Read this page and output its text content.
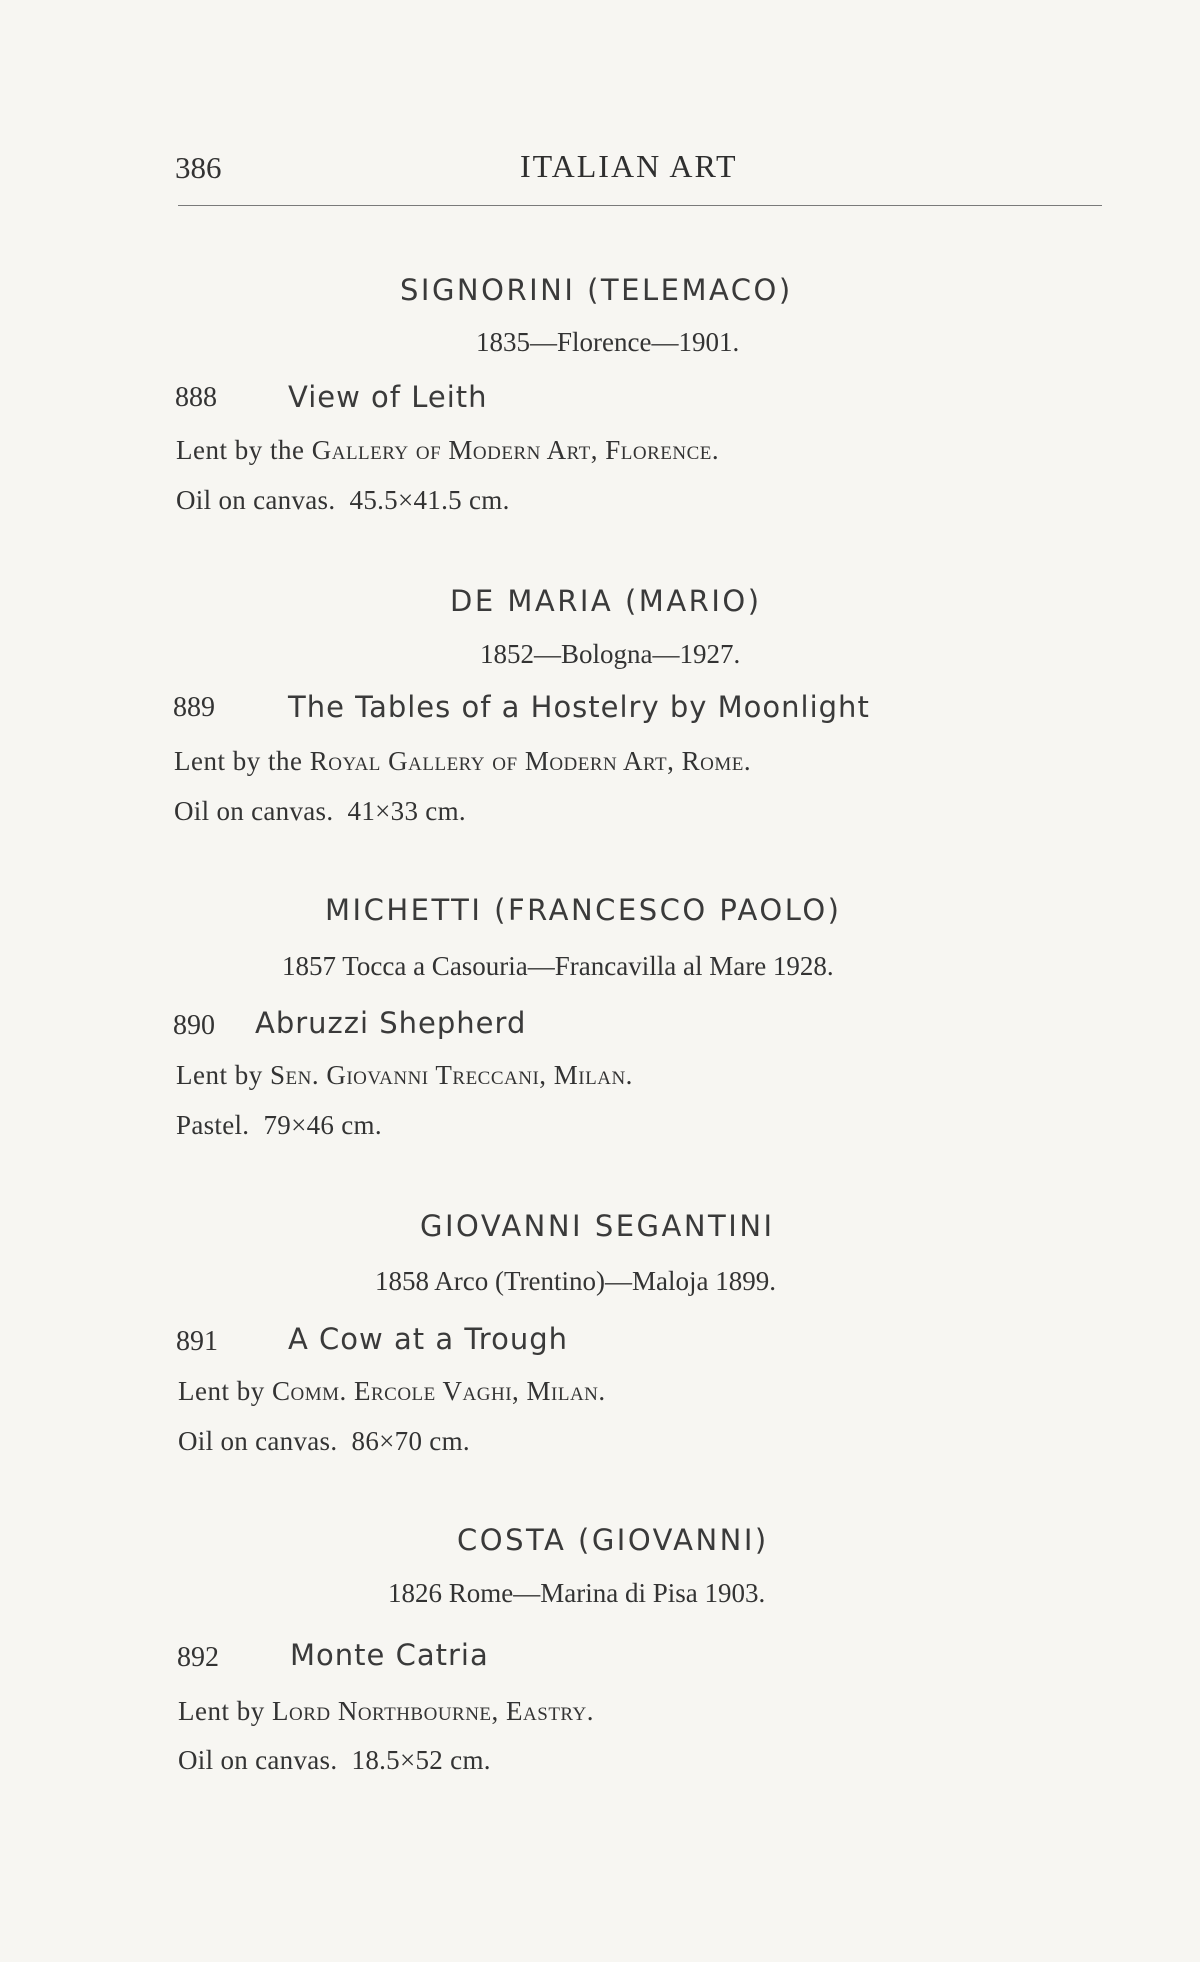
386	ITALIAN ART
SIGNORINI (TELEMACO)
1835—Florence—1901.
888 View of Leith
Lent by the Gallery of Modern Art, Florence.
Oil on canvas. 45.5×41.5 cm.
DE MARIA (MARIO)
1852—Bologna—1927.
889	The Tables of a Hostelry by Moonlight
Lent by the Royal Gallery of Modern Art, Rome.
Oil on canvas. 41×33 cm.
MICHETTI (FRANCESCO PAOLO)
1857 Tocca a Casouria—Francavilla al Mare 1928.
890 Abruzzi Shepherd
Lent by Sen. Giovanni Treccani, Milan.
Pastel. 79×46 cm.
GIOVANNI SEGANTINI
1858 Arco (Trentino)—Maloja 1899.
891 A Cow at a Trough
Lent by Comm. Ercole Vaghi, Milan.
Oil on canvas. 86×70 cm.
COSTA (GIOVANNI)
1826 Rome—Marina di Pisa 1903.
892 Monte Catria
Lent by Lord Northbourne, Eastry.
Oil on canvas. 18.5×52 cm.
